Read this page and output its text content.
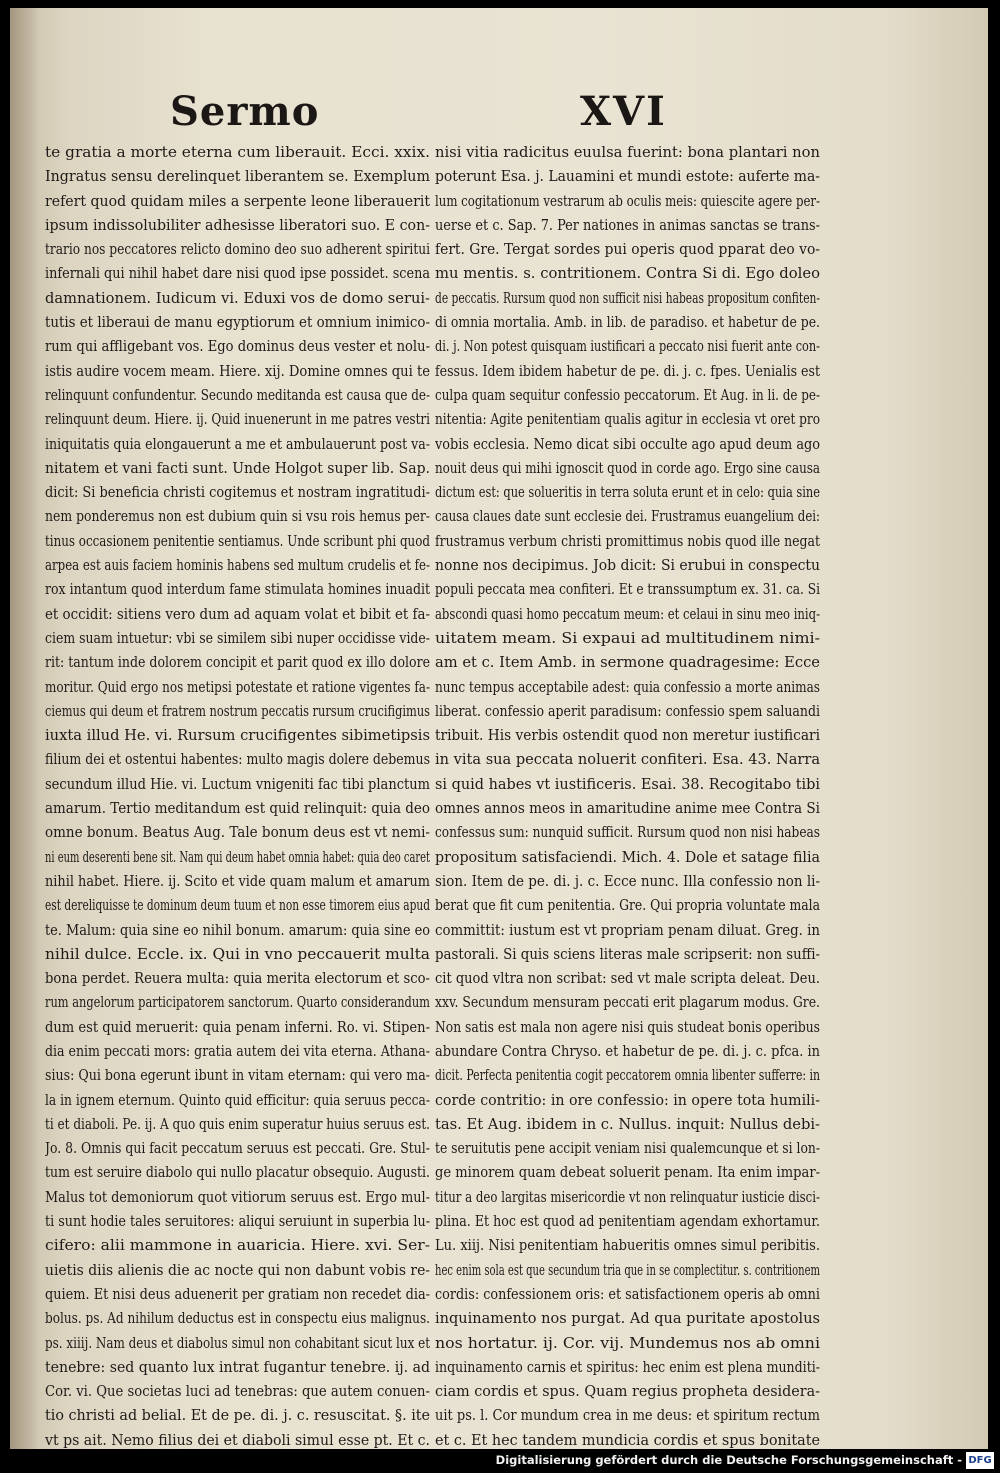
Sermo	XVI
te gratia a morte eterna cum liberauit. Ecci. xxix.
Ingratus sensu derelinquet liberantem se. Exemplum
refert quod quidam miles a serpente leone liberauerit
ipsum indissolubiliter adhesisse liberatori suo. E con-
trario nos peccatores relicto domino deo suo adherent spiritui
infernali qui nihil habet dare nisi quod ipse possidet. scena
damnationem. Iudicum vi. Eduxi vos de domo serui-
tutis et liberaui de manu egyptiorum et omnium inimico-
rum qui affligebant vos. Ego dominus deus vester et nolu-
istis audire vocem meam. Hiere. xij. Domine omnes qui te
relinquunt confundentur. Secundo meditanda est causa que de-
relinquunt deum. Hiere. ij. Quid inuenerunt in me patres vestri
iniquitatis quia elongauerunt a me et ambulauerunt post va-
nitatem et vani facti sunt. Unde Holgot super lib. Sap.
dicit: Si beneficia christi cogitemus et nostram ingratitudi-
nem ponderemus non est dubium quin si vsu rois hemus per-
tinus occasionem penitentie sentiamus. Unde scribunt phi quod
arpea est auis faciem hominis habens sed multum crudelis et fe-
rox intantum quod interdum fame stimulata homines inuadit
et occidit: sitiens vero dum ad aquam volat et bibit et fa-
ciem suam intuetur: vbi se similem sibi nuper occidisse vide-
rit: tantum inde dolorem concipit et parit quod ex illo dolore
moritur. Quid ergo nos metipsi potestate et ratione vigentes fa-
ciemus qui deum et fratrem nostrum peccatis rursum crucifigimus
iuxta illud He. vi. Rursum crucifigentes sibimetipsis
filium dei et ostentui habentes: multo magis dolere debemus
secundum illud Hie. vi. Luctum vnigeniti fac tibi planctum
amarum. Tertio meditandum est quid relinquit: quia deo
omne bonum. Beatus Aug. Tale bonum deus est vt nemi-
ni eum deserenti bene sit. Nam qui deum habet omnia habet: quia deo caret
nihil habet. Hiere. ij. Scito et vide quam malum et amarum
est dereliquisse te dominum deum tuum et non esse timorem eius apud
te. Malum: quia sine eo nihil bonum. amarum: quia sine eo
nihil dulce. Eccle. ix. Qui in vno peccauerit multa
bona perdet. Reuera multa: quia merita electorum et sco-
rum angelorum participatorem sanctorum. Quarto considerandum
dum est quid meruerit: quia penam inferni. Ro. vi. Stipen-
dia enim peccati mors: gratia autem dei vita eterna. Athana-
sius: Qui bona egerunt ibunt in vitam eternam: qui vero ma-
la in ignem eternum. Quinto quid efficitur: quia seruus pecca-
ti et diaboli. Pe. ij. A quo quis enim superatur huius seruus est.
Jo. 8. Omnis qui facit peccatum seruus est peccati. Gre. Stul-
tum est seruire diabolo qui nullo placatur obsequio. Augusti.
Malus tot demoniorum quot vitiorum seruus est. Ergo mul-
ti sunt hodie tales seruitores: aliqui seruiunt in superbia lu-
cifero: alii mammone in auaricia. Hiere. xvi. Ser-
uietis diis alienis die ac nocte qui non dabunt vobis re-
quiem. Et nisi deus aduenerit per gratiam non recedet dia-
bolus. ps. Ad nihilum deductus est in conspectu eius malignus.
ps. xiiij. Nam deus et diabolus simul non cohabitant sicut lux et
tenebre: sed quanto lux intrat fugantur tenebre. ij. ad
Cor. vi. Que societas luci ad tenebras: que autem conuen-
tio christi ad belial. Et de pe. di. j. c. resuscitat. §. ite
vt ps ait. Nemo filius dei et diaboli simul esse pt. Et c.
nisi vitia radicitus euulsa fuerint: bona plantari non
poterunt Esa. j. Lauamini et mundi estote: auferte ma-
lum cogitationum vestrarum ab oculis meis: quiescite agere per-
uerse et c. Sap. 7. Per nationes in animas sanctas se trans-
fert. Gre. Tergat sordes pui operis quod pparat deo vo-
mu mentis. s. contritionem. Contra Si di. Ego doleo
de peccatis. Rursum quod non sufficit nisi habeas propositum confiten-
di omnia mortalia. Amb. in lib. de paradiso. et habetur de pe.
di. j. Non potest quisquam iustificari a peccato nisi fuerit ante con-
fessus. Idem ibidem habetur de pe. di. j. c. fpes. Uenialis est
culpa quam sequitur confessio peccatorum. Et Aug. in li. de pe-
nitentia: Agite penitentiam qualis agitur in ecclesia vt oret pro
vobis ecclesia. Nemo dicat sibi occulte ago apud deum ago
nouit deus qui mihi ignoscit quod in corde ago. Ergo sine causa
dictum est: que solueritis in terra soluta erunt et in celo: quia sine
causa claues date sunt ecclesie dei. Frustramus euangelium dei:
frustramus verbum christi promittimus nobis quod ille negat
nonne nos decipimus. Job dicit: Si erubui in conspectu
populi peccata mea confiteri. Et e transsumptum ex. 31. ca. Si
abscondi quasi homo peccatum meum: et celaui in sinu meo iniq-
uitatem meam. Si expaui ad multitudinem nimi-
am et c. Item Amb. in sermone quadragesime: Ecce
nunc tempus acceptabile adest: quia confessio a morte animas
liberat. confessio aperit paradisum: confessio spem saluandi
tribuit. His verbis ostendit quod non meretur iustificari
in vita sua peccata noluerit confiteri. Esa. 43. Narra
si quid habes vt iustificeris. Esai. 38. Recogitabo tibi
omnes annos meos in amaritudine anime mee Contra Si
confessus sum: nunquid sufficit. Rursum quod non nisi habeas
propositum satisfaciendi. Mich. 4. Dole et satage filia
sion. Item de pe. di. j. c. Ecce nunc. Illa confessio non li-
berat que fit cum penitentia. Gre. Qui propria voluntate mala
committit: iustum est vt propriam penam diluat. Greg. in
pastorali. Si quis sciens literas male scripserit: non suffi-
cit quod vltra non scribat: sed vt male scripta deleat. Deu.
xxv. Secundum mensuram peccati erit plagarum modus. Gre.
Non satis est mala non agere nisi quis studeat bonis operibus
abundare Contra Chryso. et habetur de pe. di. j. c. pfca. in
dicit. Perfecta penitentia cogit peccatorem omnia libenter sufferre: in
corde contritio: in ore confessio: in opere tota humili-
tas. Et Aug. ibidem in c. Nullus. inquit: Nullus debi-
te seruitutis pene accipit veniam nisi qualemcunque et si lon-
ge minorem quam debeat soluerit penam. Ita enim impar-
titur a deo largitas misericordie vt non relinquatur iusticie disci-
plina. Et hoc est quod ad penitentiam agendam exhortamur.
Lu. xiij. Nisi penitentiam habueritis omnes simul peribitis.
hec enim sola est que secundum tria que in se complectitur. s. contritionem
cordis: confessionem oris: et satisfactionem operis ab omni
inquinamento nos purgat. Ad qua puritate apostolus
nos hortatur. ij. Cor. vij. Mundemus nos ab omni
inquinamento carnis et spiritus: hec enim est plena munditi-
ciam cordis et spus. Quam regius propheta desidera-
uit ps. l. Cor mundum crea in me deus: et spiritum rectum
et c. Et hec tandem mundicia cordis et spus bonitate
Digitalisierung gefördert durch die Deutsche Forschungsgemeinschaft - DFG
